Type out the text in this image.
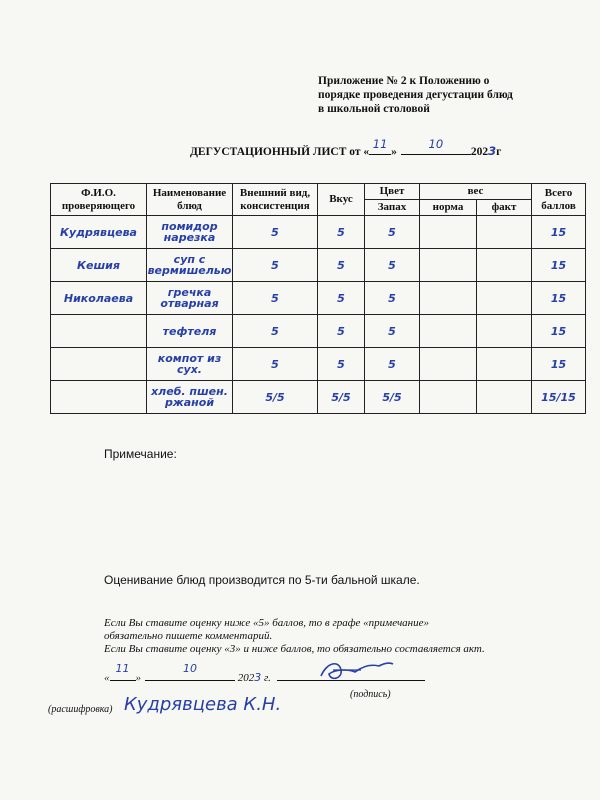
Приложение № 2 к Положению о
порядке проведения дегустации блюд
в школьной столовой
ДЕГУСТАЦИОННЫЙ ЛИСТ от «
11
»
10
2023г
Ф.И.О. проверяющего	Наименование блюд	Внешний вид, консистенция	Вкус	Цвет	вес		Всего баллов
				Запах	норма	факт	
Кудрявцева	помидор нарезка	5	5	5			15
Кешия	суп с вермишелью	5	5	5			15
Николаева	гречка отварная	5	5	5			15
	тефтеля	5	5	5			15
	компот из сух.	5	5	5			15
	хлеб. пшен. ржаной	5/5	5/5	5/5			15/15
Примечание:
Оценивание блюд производится по 5-ти бальной шкале.
Если Вы ставите оценку ниже «5» баллов, то в графе «примечание»
обязательно пишете комментарий.
Если Вы ставите оценку «3» и ниже баллов, то обязательно составляется акт.
«
11
»
10
2023 г.
(подпись)
(расшифровка) Кудрявцева К.Н.
